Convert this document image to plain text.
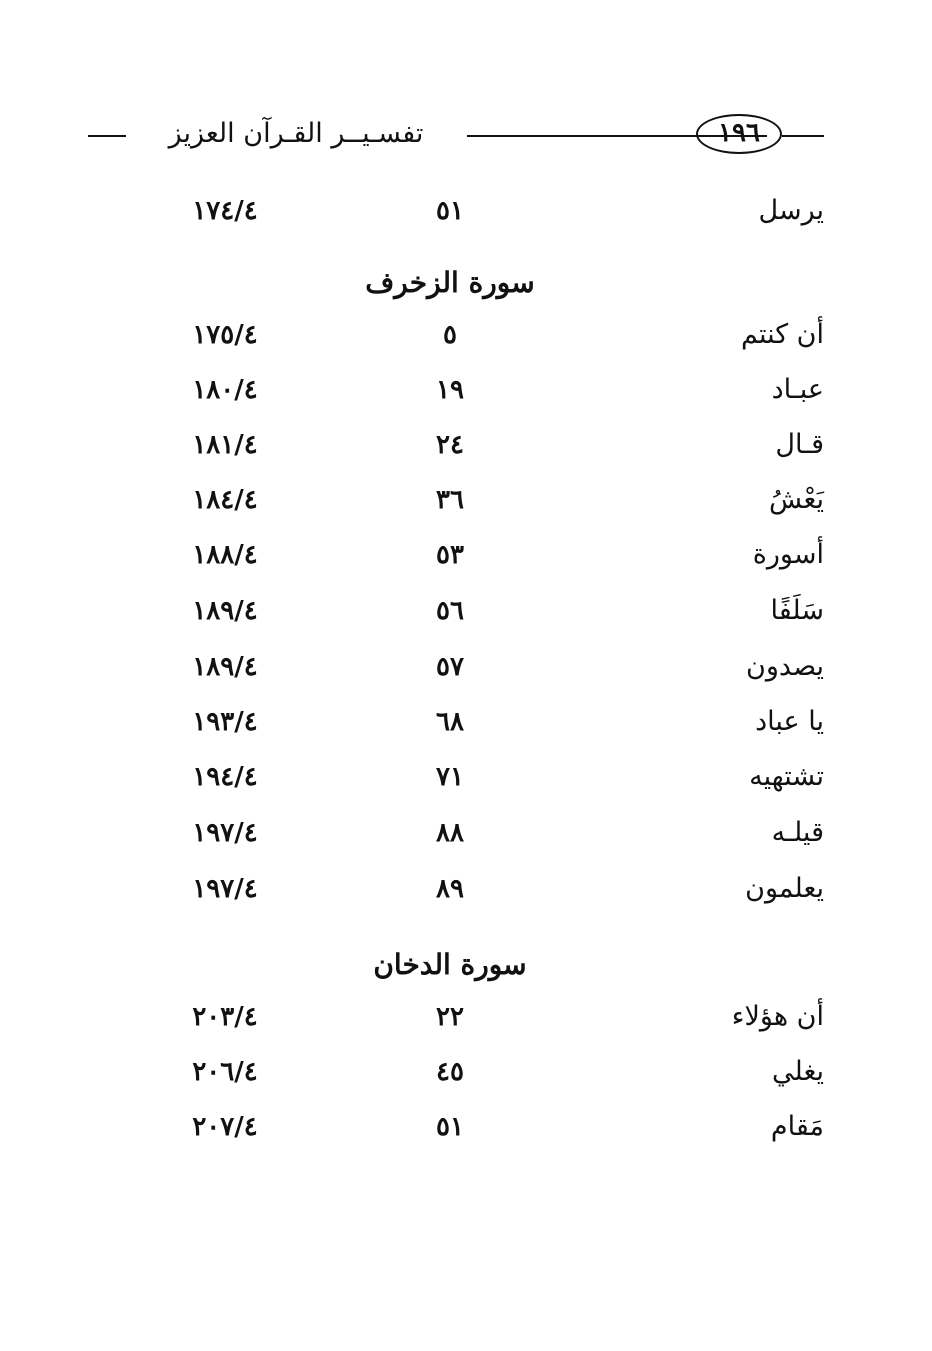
تفسـيــر القـرآن العزيز	١٩٦
يرسل
٥١
١٧٤/٤
سورة الزخرف
أن كنتم
٥
١٧٥/٤
عبـاد
١٩
١٨٠/٤
قـال
٢٤
١٨١/٤
يَعْشُ
٣٦
١٨٤/٤
أسورة
٥٣
١٨٨/٤
سَلَفًا
٥٦
١٨٩/٤
يصدون
٥٧
١٨٩/٤
يا عباد
٦٨
١٩٣/٤
تشتهيه
٧١
١٩٤/٤
قيلـه
٨٨
١٩٧/٤
يعلمون
٨٩
١٩٧/٤
سورة الدخان
أن هؤلاء
٢٢
٢٠٣/٤
يغلي
٤٥
٢٠٦/٤
مَقام
٥١
٢٠٧/٤
